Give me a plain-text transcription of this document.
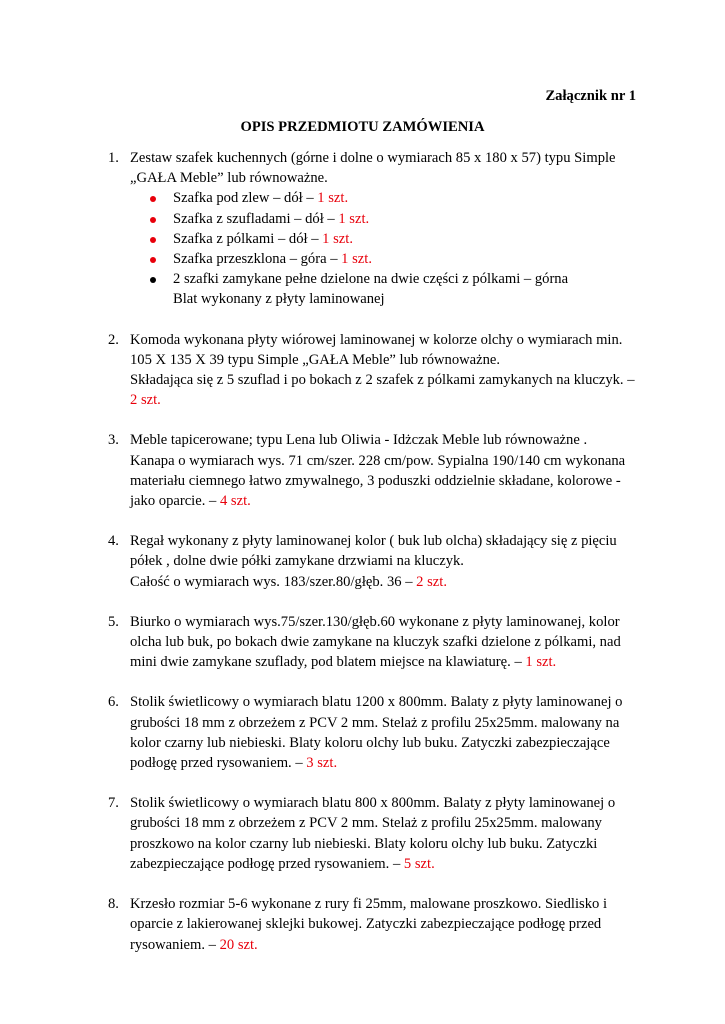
Załącznik nr 1
OPIS PRZEDMIOTU ZAMÓWIENIA
1. Zestaw szafek kuchennych (górne i dolne o wymiarach 85 x 180 x 57) typu Simple
„GAŁA Meble” lub równoważne.
Szafka pod zlew – dół – 1 szt.
Szafka z szufladami – dół – 1 szt.
Szafka z pólkami – dół – 1 szt.
Szafka przeszklona – góra – 1 szt.
2 szafki zamykane pełne dzielone na dwie części z pólkami – górna
Blat wykonany z płyty laminowanej
2. Komoda wykonana płyty wiórowej laminowanej w kolorze olchy o wymiarach min.
105 X 135 X 39 typu Simple „GAŁA Meble” lub równoważne.
Składająca się z 5 szuflad i po bokach z 2 szafek z pólkami zamykanych na kluczyk. –
2 szt.
3. Meble tapicerowane; typu Lena lub Oliwia - Idżczak Meble lub równoważne .
Kanapa o wymiarach wys. 71 cm/szer. 228 cm/pow. Sypialna 190/140 cm wykonana
materiału ciemnego łatwo zmywalnego, 3 poduszki oddzielnie składane, kolorowe -
jako oparcie. – 4 szt.
4. Regał wykonany z płyty laminowanej kolor ( buk lub olcha) składający się z pięciu
półek , dolne dwie półki zamykane drzwiami na kluczyk.
Całość o wymiarach wys. 183/szer.80/głęb. 36 – 2 szt.
5. Biurko o wymiarach wys.75/szer.130/głęb.60 wykonane z płyty laminowanej, kolor
olcha lub buk, po bokach dwie zamykane na kluczyk szafki dzielone z pólkami, nad
mini dwie zamykane szuflady, pod blatem miejsce na klawiaturę. – 1 szt.
6. Stolik świetlicowy o wymiarach blatu 1200 x 800mm. Balaty z płyty laminowanej o
grubości 18 mm z obrzeżem z PCV 2 mm. Stelaż z profilu 25x25mm. malowany na
kolor czarny lub niebieski. Blaty koloru olchy lub buku. Zatyczki zabezpieczające
podłogę przed rysowaniem. – 3 szt.
7. Stolik świetlicowy o wymiarach blatu 800 x 800mm. Balaty z płyty laminowanej o
grubości 18 mm z obrzeżem z PCV 2 mm. Stelaż z profilu 25x25mm. malowany
proszkowo na kolor czarny lub niebieski. Blaty koloru olchy lub buku. Zatyczki
zabezpieczające podłogę przed rysowaniem. – 5 szt.
8. Krzesło rozmiar 5-6 wykonane z rury fi 25mm, malowane proszkowo. Siedlisko i
oparcie z lakierowanej sklejki bukowej. Zatyczki zabezpieczające podłogę przed
rysowaniem. – 20 szt.
